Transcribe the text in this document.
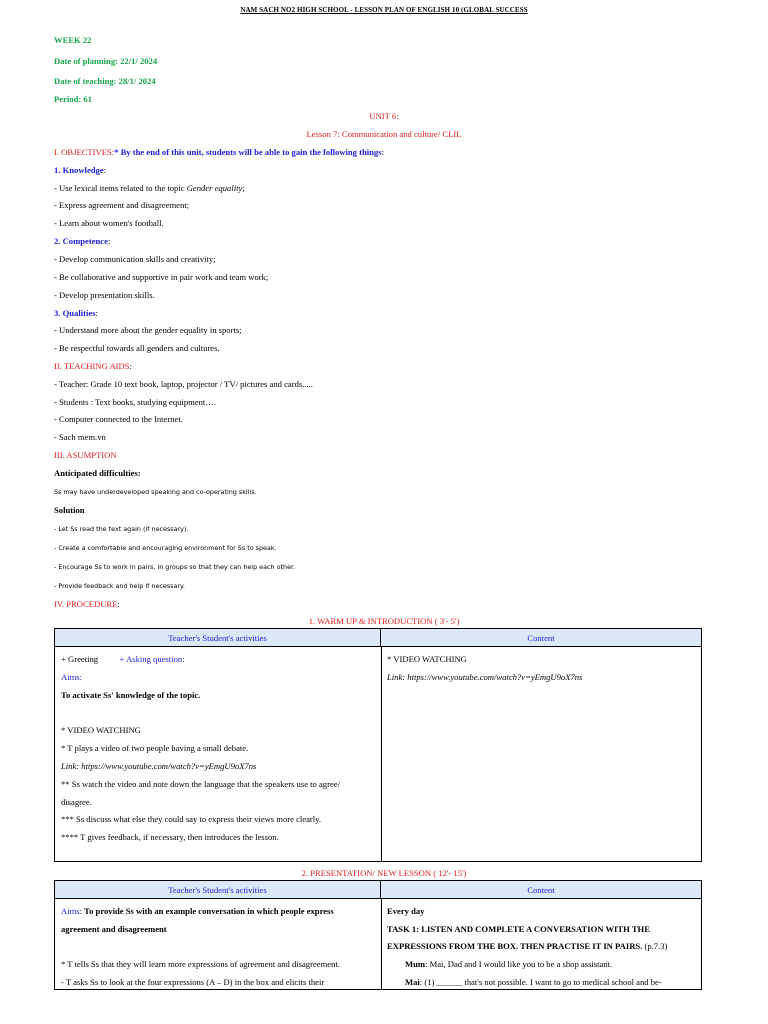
NAM SACH NO2 HIGH SCHOOL - LESSON PLAN OF ENGLISH 10 (GLOBAL SUCCESS
WEEK 22
Date of planning: 22/1/ 2024
Date of teaching: 28/1/ 2024
Period: 61
UNIT 6:
Lesson 7: Communication and culture/ CLIL
I. OBJECTIVES:* By the end of this unit, students will be able to gain the following things:
1. Knowledge:
- Use lexical items related to the topic Gender equality;
- Express agreement and disagreement;
- Learn about women's football.
2. Competence:
- Develop communication skills and creativity;
- Be collaborative and supportive in pair work and team work;
- Develop presentation skills.
3. Qualities:
- Understand more about the gender equality in sports;
- Be respectful towards all genders and cultures.
II. TEACHING AIDS:
- Teacher: Grade 10 text book, laptop, projector / TV/ pictures and cards.....
- Students : Text books, studying equipment….
- Computer connected to the Internet.
- Sach mem.vn
III. ASUMPTION
Anticipated difficulties:
Ss may have underdeveloped speaking and co-operating skills.
Solution
- Let Ss read the text again (if necessary).
- Create a comfortable and encouraging environment for Ss to speak.
- Encourage Ss to work in pairs, in groups so that they can help each other.
- Provide feedback and help if necessary.
IV. PROCEDURE:
1. WARM UP & INTRODUCTION ( 3'- 5')
Teacher's Student's activities	Content
+ Greeting + Asking question:
Aims:
To activate Ss' knowledge of the topic.
* VIDEO WATCHING
* T plays a video of two people having a small debate.
Link: https://www.youtube.com/watch?v=yEmgU9oX7ns
** Ss watch the video and note down the language that the speakers use to agree/
disagree.
*** Ss discuss what else they could say to express their views more clearly.
**** T gives feedback, if necessary, then introduces the lesson.
* VIDEO WATCHING
Link: https://www.youtube.com/watch?v=yEmgU9oX7ns
2. PRESENTATION/ NEW LESSON ( 12'- 15')
Teacher's Student's activities	Content
Aims: To provide Ss with an example conversation in which people express
agreement and disagreement
* T tells Ss that they will learn more expressions of agreement and disagreement.
- T asks Ss to look at the four expressions (A – D) in the box and elicits their
Every day
TASK 1: LISTEN AND COMPLETE A CONVERSATION WITH THE
EXPRESSIONS FROM THE BOX. THEN PRACTISE IT IN PAIRS. (p.7.3)
Mum: Mai, Dad and I would like you to be a shop assistant.
Mai: (1) ______ that's not possible. I want to go to medical school and be-
